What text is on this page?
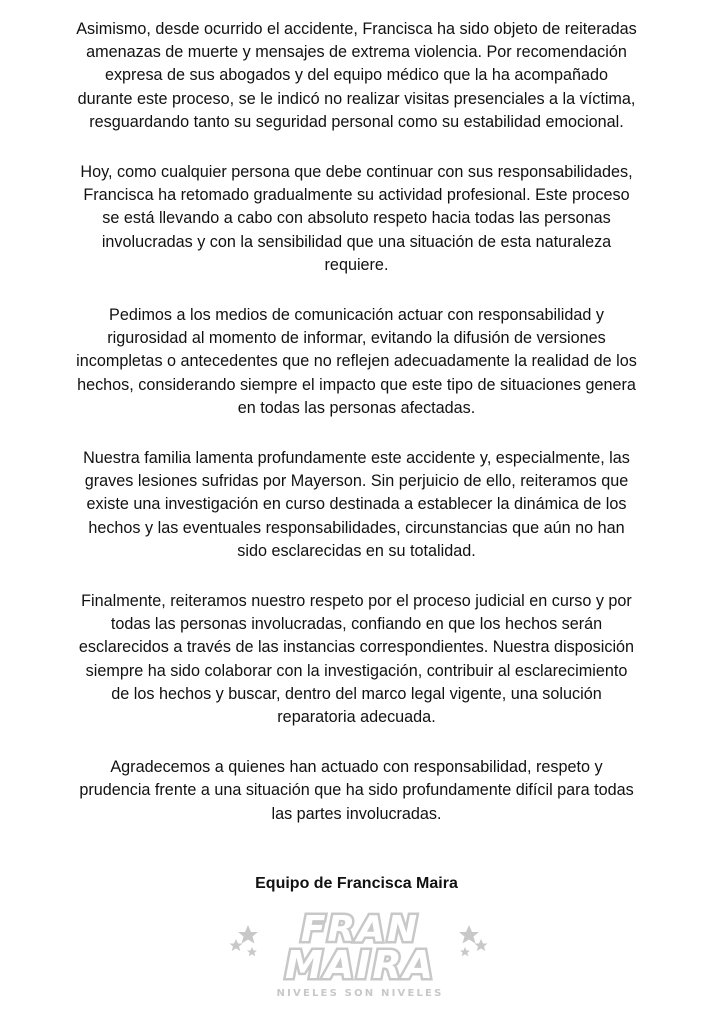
Asimismo, desde ocurrido el accidente, Francisca ha sido objeto de reiteradas
amenazas de muerte y mensajes de extrema violencia. Por recomendación
expresa de sus abogados y del equipo médico que la ha acompañado
durante este proceso, se le indicó no realizar visitas presenciales a la víctima,
resguardando tanto su seguridad personal como su estabilidad emocional.

Hoy, como cualquier persona que debe continuar con sus responsabilidades,
Francisca ha retomado gradualmente su actividad profesional. Este proceso
se está llevando a cabo con absoluto respeto hacia todas las personas
involucradas y con la sensibilidad que una situación de esta naturaleza
requiere.

Pedimos a los medios de comunicación actuar con responsabilidad y
rigurosidad al momento de informar, evitando la difusión de versiones
incompletas o antecedentes que no reflejen adecuadamente la realidad de los
hechos, considerando siempre el impacto que este tipo de situaciones genera
en todas las personas afectadas.

Nuestra familia lamenta profundamente este accidente y, especialmente, las
graves lesiones sufridas por Mayerson. Sin perjuicio de ello, reiteramos que
existe una investigación en curso destinada a establecer la dinámica de los
hechos y las eventuales responsabilidades, circunstancias que aún no han
sido esclarecidas en su totalidad.

Finalmente, reiteramos nuestro respeto por el proceso judicial en curso y por
todas las personas involucradas, confiando en que los hechos serán
esclarecidos a través de las instancias correspondientes. Nuestra disposición
siempre ha sido colaborar con la investigación, contribuir al esclarecimiento
de los hechos y buscar, dentro del marco legal vigente, una solución
reparatoria adecuada.

Agradecemos a quienes han actuado con responsabilidad, respeto y
prudencia frente a una situación que ha sido profundamente difícil para todas
las partes involucradas.

Equipo de Francisca Maira
FRAN
MAIRA
NIVELES SON NIVELES
